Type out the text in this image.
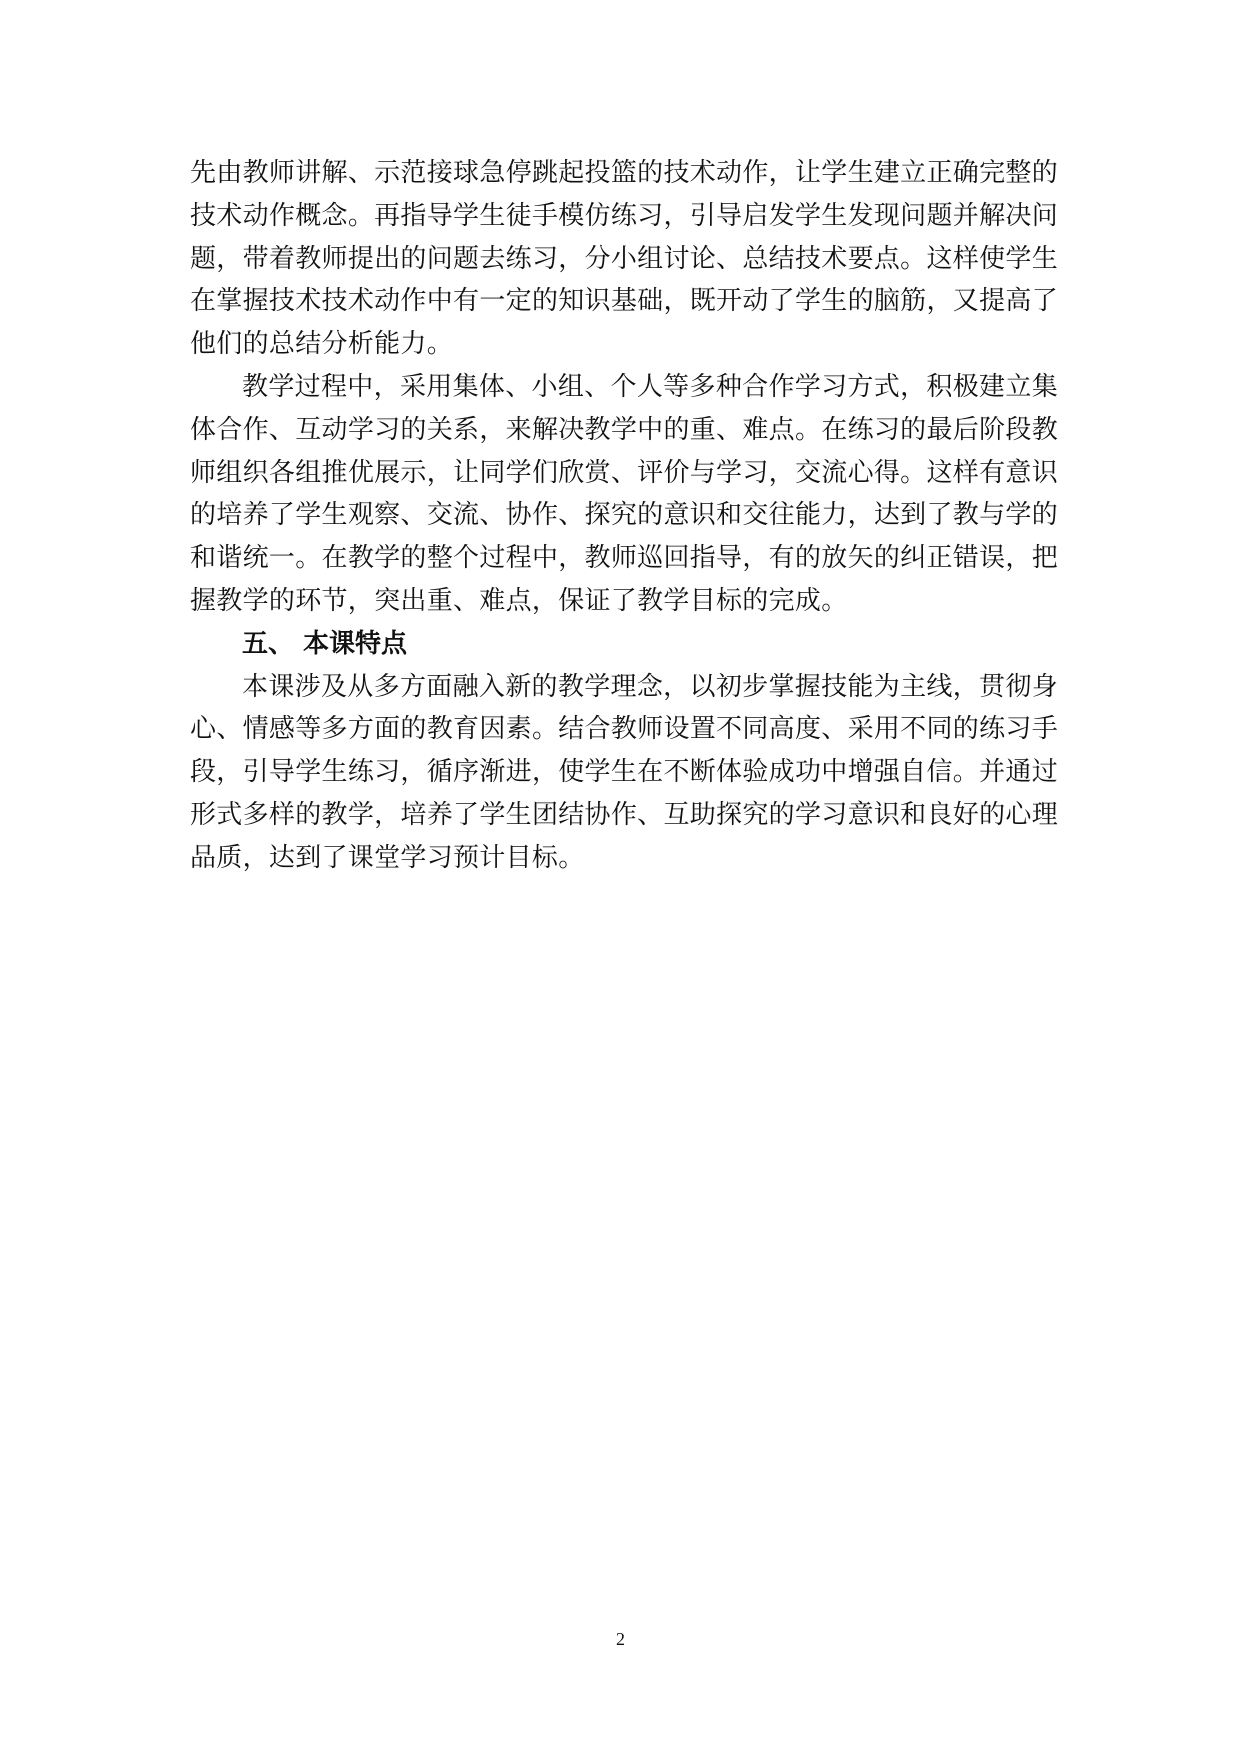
先由教师讲解、示范接球急停跳起投篮的技术动作，让学生建立正确完整的技术动作概念。再指导学生徒手模仿练习，引导启发学生发现问题并解决问题，带着教师提出的问题去练习，分小组讨论、总结技术要点。这样使学生在掌握技术技术动作中有一定的知识基础，既开动了学生的脑筋，又提高了他们的总结分析能力。

教学过程中，采用集体、小组、个人等多种合作学习方式，积极建立集体合作、互动学习的关系，来解决教学中的重、难点。在练习的最后阶段教师组织各组推优展示，让同学们欣赏、评价与学习，交流心得。这样有意识的培养了学生观察、交流、协作、探究的意识和交往能力，达到了教与学的和谐统一。在教学的整个过程中，教师巡回指导，有的放矢的纠正错误，把握教学的环节，突出重、难点，保证了教学目标的完成。

五、 本课特点

本课涉及从多方面融入新的教学理念，以初步掌握技能为主线，贯彻身心、情感等多方面的教育因素。结合教师设置不同高度、采用不同的练习手段，引导学生练习，循序渐进，使学生在不断体验成功中增强自信。并通过形式多样的教学，培养了学生团结协作、互助探究的学习意识和良好的心理品质，达到了课堂学习预计目标。

2
